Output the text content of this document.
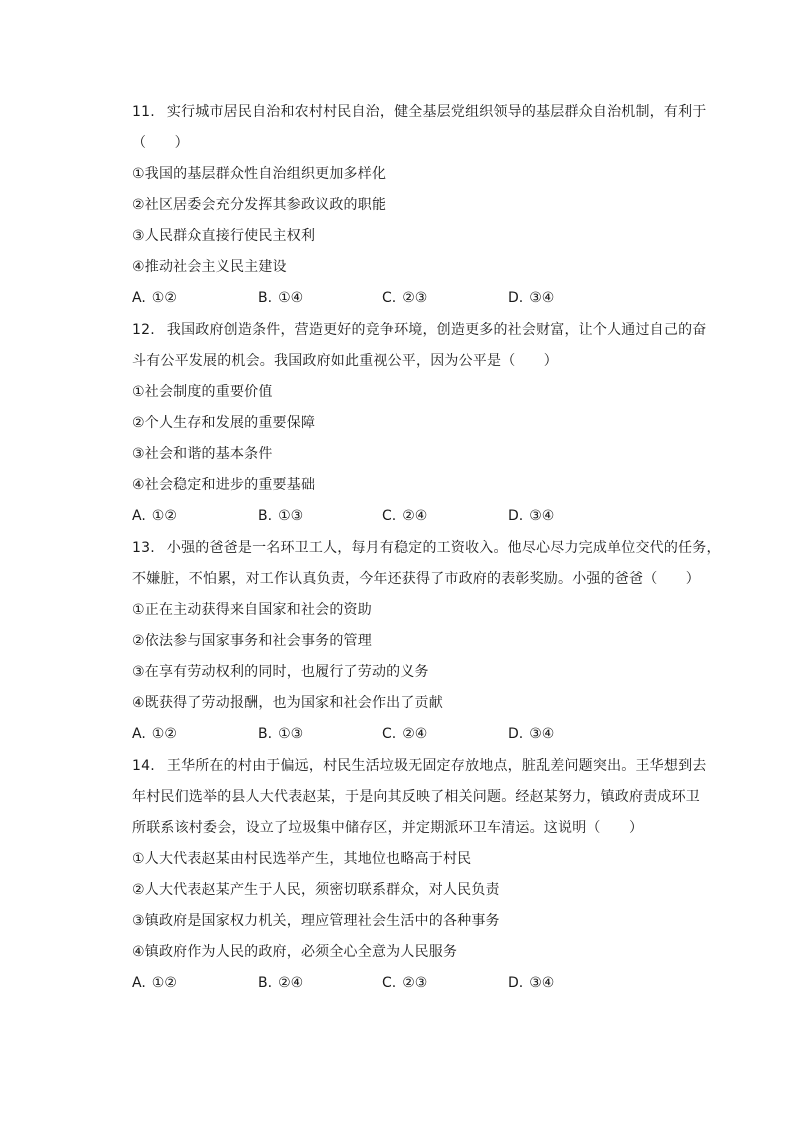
11. 实行城市居民自治和农村村民自治，健全基层党组织领导的基层群众自治机制，有利于
（　　）
①我国的基层群众性自治组织更加多样化
②社区居委会充分发挥其参政议政的职能
③人民群众直接行使民主权利
④推动社会主义民主建设
A. ①②	B. ①④	C. ②③	D. ③④
12. 我国政府创造条件，营造更好的竞争环境，创造更多的社会财富，让个人通过自己的奋
斗有公平发展的机会。我国政府如此重视公平，因为公平是（　　）
①社会制度的重要价值
②个人生存和发展的重要保障
③社会和谐的基本条件
④社会稳定和进步的重要基础
A. ①②	B. ①③	C. ②④	D. ③④
13. 小强的爸爸是一名环卫工人，每月有稳定的工资收入。他尽心尽力完成单位交代的任务，
不嫌脏，不怕累，对工作认真负责，今年还获得了市政府的表彰奖励。小强的爸爸（　　）
①正在主动获得来自国家和社会的资助
②依法参与国家事务和社会事务的管理
③在享有劳动权利的同时，也履行了劳动的义务
④既获得了劳动报酬，也为国家和社会作出了贡献
A. ①②	B. ①③	C. ②④	D. ③④
14. 王华所在的村由于偏远，村民生活垃圾无固定存放地点，脏乱差问题突出。王华想到去
年村民们选举的县人大代表赵某，于是向其反映了相关问题。经赵某努力，镇政府责成环卫
所联系该村委会，设立了垃圾集中储存区，并定期派环卫车清运。这说明（　　）
①人大代表赵某由村民选举产生，其地位也略高于村民
②人大代表赵某产生于人民，须密切联系群众，对人民负责
③镇政府是国家权力机关，理应管理社会生活中的各种事务
④镇政府作为人民的政府，必须全心全意为人民服务
A. ①②	B. ②④	C. ②③	D. ③④
